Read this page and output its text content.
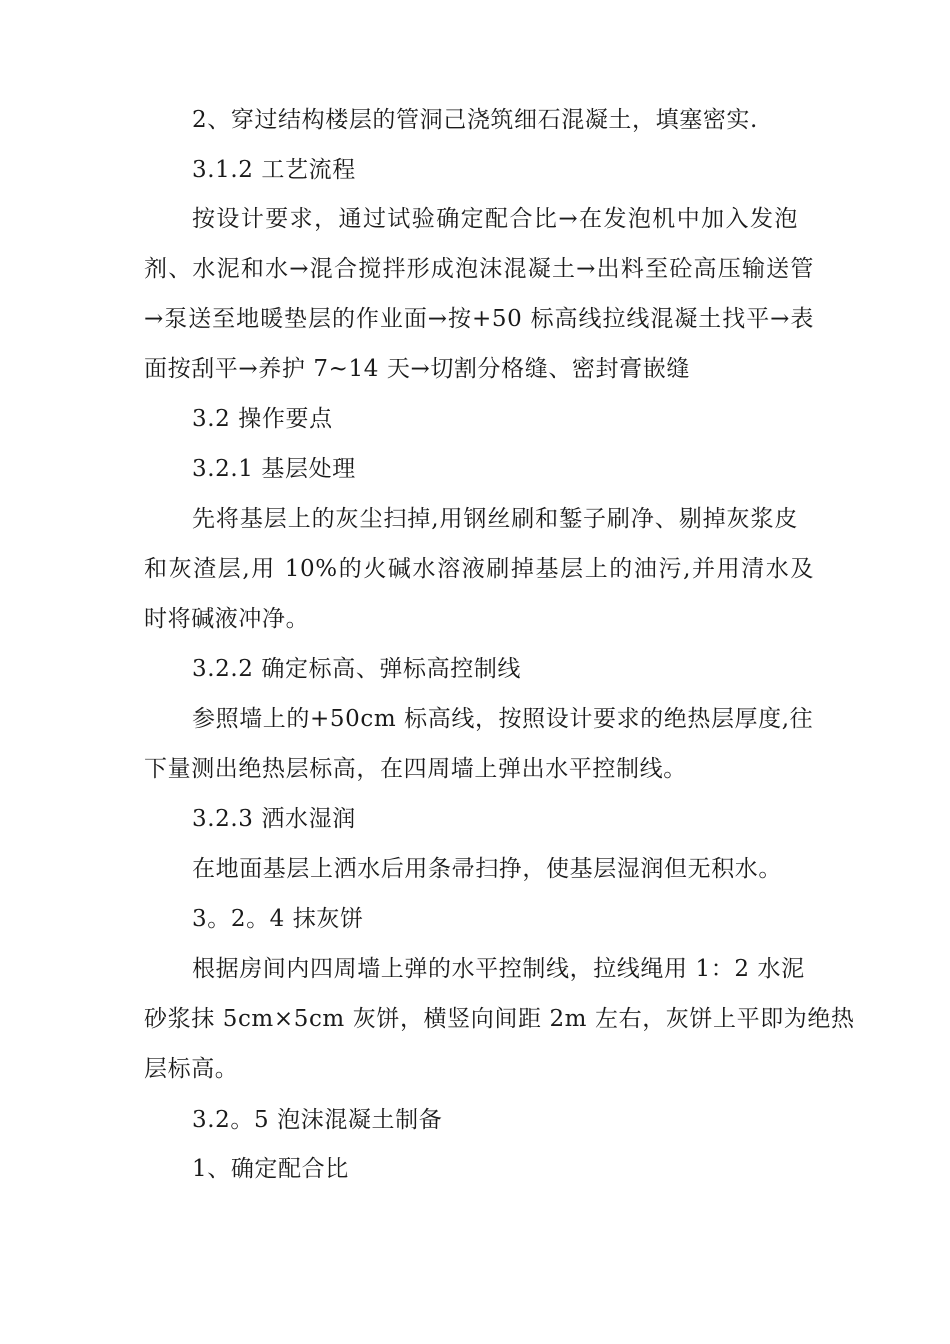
2、穿过结构楼层的管洞己浇筑细石混凝土，填塞密实.
3.1.2 工艺流程
按设计要求，通过试验确定配合比→在发泡机中加入发泡
剂、水泥和水→混合搅拌形成泡沫混凝土→出料至砼高压输送管
→泵送至地暖垫层的作业面→按+50 标高线拉线混凝土找平→表
面按刮平→养护 7~14 天→切割分格缝、密封膏嵌缝
3.2 操作要点
3.2.1 基层处理
先将基层上的灰尘扫掉,用钢丝刷和錾子刷净、剔掉灰浆皮
和灰渣层,用 10%的火碱水溶液刷掉基层上的油污,并用清水及
时将碱液冲净。
3.2.2 确定标高、弹标高控制线
参照墙上的+50cm 标高线，按照设计要求的绝热层厚度,往
下量测出绝热层标高，在四周墙上弹出水平控制线。
3.2.3 洒水湿润
在地面基层上洒水后用条帚扫挣，使基层湿润但无积水。
3。2。4 抹灰饼
根据房间内四周墙上弹的水平控制线，拉线绳用 1：2 水泥
砂浆抹 5cm×5cm 灰饼，横竖向间距 2m 左右，灰饼上平即为绝热
层标高。
3.2。5 泡沫混凝土制备
1、确定配合比
